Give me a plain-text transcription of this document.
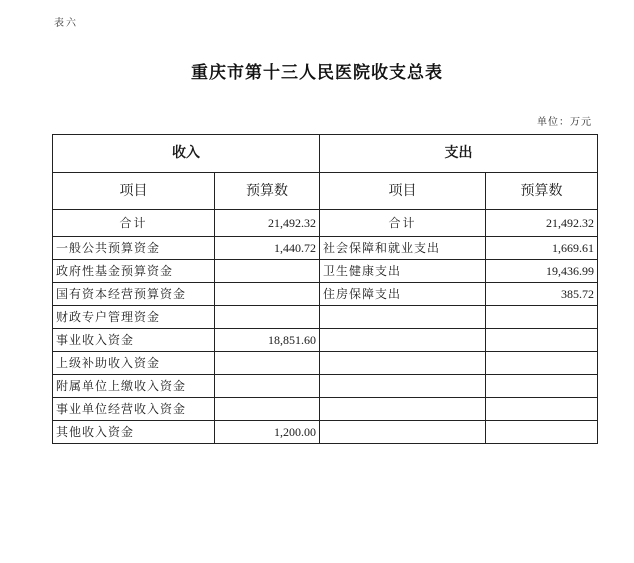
表六
重庆市第十三人民医院收支总表
单位：万元
收入		支出	
项目	预算数	项目	预算数
合计	21,492.32	合计	21,492.32
一般公共预算资金	1,440.72	社会保障和就业支出	1,669.61
政府性基金预算资金		卫生健康支出	19,436.99
国有资本经营预算资金		住房保障支出	385.72
财政专户管理资金			
事业收入资金	18,851.60		
上级补助收入资金			
附属单位上缴收入资金			
事业单位经营收入资金			
其他收入资金	1,200.00		
